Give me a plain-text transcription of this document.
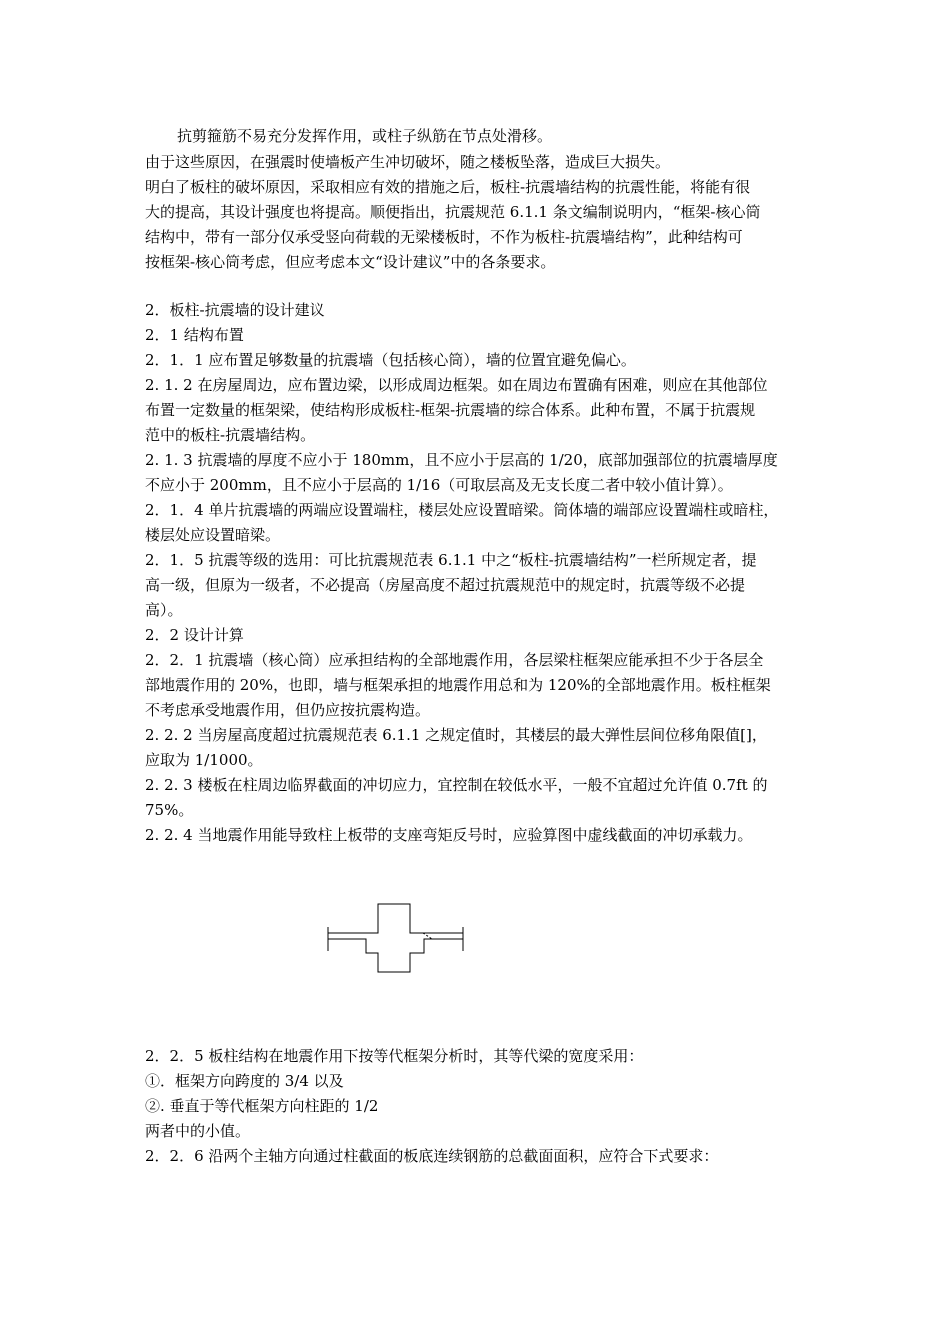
抗剪箍筋不易充分发挥作用，或柱子纵筋在节点处滑移。
由于这些原因，在强震时使墙板产生冲切破坏，随之楼板坠落，造成巨大损失。
明白了板柱的破坏原因，采取相应有效的措施之后，板柱-抗震墙结构的抗震性能，将能有很
大的提高，其设计强度也将提高。顺便指出，抗震规范 6.1.1 条文编制说明内，“框架-核心筒
结构中，带有一部分仅承受竖向荷载的无梁楼板时，不作为板柱-抗震墙结构”，此种结构可
按框架-核心筒考虑，但应考虑本文“设计建议”中的各条要求。
2．板柱-抗震墙的设计建议
2．1 结构布置
2．1．1 应布置足够数量的抗震墙（包括核心筒），墙的位置宜避免偏心。
2. 1. 2 在房屋周边，应布置边梁，以形成周边框架。如在周边布置确有困难，则应在其他部位
布置一定数量的框架梁，使结构形成板柱-框架-抗震墙的综合体系。此种布置，不属于抗震规
范中的板柱-抗震墙结构。
2. 1. 3 抗震墙的厚度不应小于 180mm，且不应小于层高的 1/20，底部加强部位的抗震墙厚度
不应小于 200mm，且不应小于层高的 1/16（可取层高及无支长度二者中较小值计算）。
2．1．4 单片抗震墙的两端应设置端柱，楼层处应设置暗梁。筒体墙的端部应设置端柱或暗柱，
楼层处应设置暗梁。
2．1．5 抗震等级的选用：可比抗震规范表 6.1.1 中之“板柱-抗震墙结构”一栏所规定者，提
高一级，但原为一级者，不必提高（房屋高度不超过抗震规范中的规定时，抗震等级不必提
高）。
2．2 设计计算
2．2．1 抗震墙（核心筒）应承担结构的全部地震作用，各层梁柱框架应能承担不少于各层全
部地震作用的 20%，也即，墙与框架承担的地震作用总和为 120%的全部地震作用。板柱框架
不考虑承受地震作用，但仍应按抗震构造。
2. 2. 2 当房屋高度超过抗震规范表 6.1.1 之规定值时，其楼层的最大弹性层间位移角限值[]，
应取为 1/1000。
2. 2. 3 楼板在柱周边临界截面的冲切应力，宜控制在较低水平，一般不宜超过允许值 0.7ft 的
75%。
2. 2. 4 当地震作用能导致柱上板带的支座弯矩反号时，应验算图中虚线截面的冲切承载力。
2．2．5 板柱结构在地震作用下按等代框架分析时，其等代梁的宽度采用：
①．框架方向跨度的 3/4 以及
②. 垂直于等代框架方向柱距的 1/2
两者中的小值。
2．2．6 沿两个主轴方向通过柱截面的板底连续钢筋的总截面面积，应符合下式要求：
